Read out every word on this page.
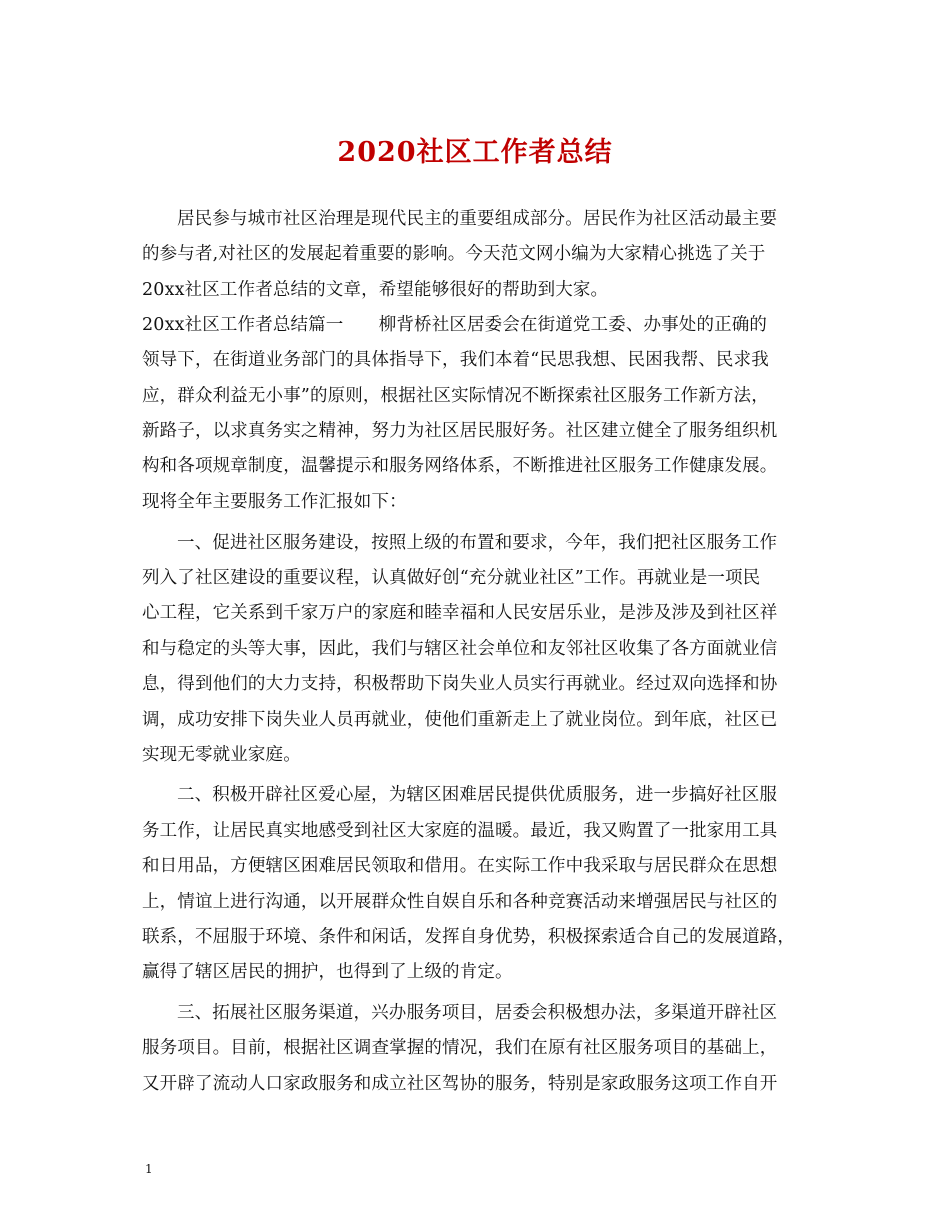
2020社区工作者总结

居民参与城市社区治理是现代民主的重要组成部分。居民作为社区活动最主要

的参与者,对社区的发展起着重要的影响。今天范文网小编为大家精心挑选了关于

20xx社区工作者总结的文章，希望能够很好的帮助到大家。

20xx社区工作者总结篇一　　柳背桥社区居委会在街道党工委、办事处的正确的

领导下，在街道业务部门的具体指导下，我们本着“民思我想、民困我帮、民求我

应，群众利益无小事”的原则，根据社区实际情况不断探索社区服务工作新方法，

新路子，以求真务实之精神，努力为社区居民服好务。社区建立健全了服务组织机

构和各项规章制度，温馨提示和服务网络体系，不断推进社区服务工作健康发展。

现将全年主要服务工作汇报如下：

一、促进社区服务建设，按照上级的布置和要求，今年，我们把社区服务工作

列入了社区建设的重要议程，认真做好创“充分就业社区”工作。再就业是一项民

心工程，它关系到千家万户的家庭和睦幸福和人民安居乐业，是涉及涉及到社区祥

和与稳定的头等大事，因此，我们与辖区社会单位和友邻社区收集了各方面就业信

息，得到他们的大力支持，积极帮助下岗失业人员实行再就业。经过双向选择和协

调，成功安排下岗失业人员再就业，使他们重新走上了就业岗位。到年底，社区已

实现无零就业家庭。

二、积极开辟社区爱心屋，为辖区困难居民提供优质服务，进一步搞好社区服

务工作，让居民真实地感受到社区大家庭的温暖。最近，我又购置了一批家用工具

和日用品，方便辖区困难居民领取和借用。在实际工作中我采取与居民群众在思想

上，情谊上进行沟通，以开展群众性自娱自乐和各种竞赛活动来增强居民与社区的

联系，不屈服于环境、条件和闲话，发挥自身优势，积极探索适合自己的发展道路，

赢得了辖区居民的拥护，也得到了上级的肯定。

三、拓展社区服务渠道，兴办服务项目，居委会积极想办法，多渠道开辟社区

服务项目。目前，根据社区调查掌握的情况，我们在原有社区服务项目的基础上，

又开辟了流动人口家政服务和成立社区驾协的服务，特别是家政服务这项工作自开

1
